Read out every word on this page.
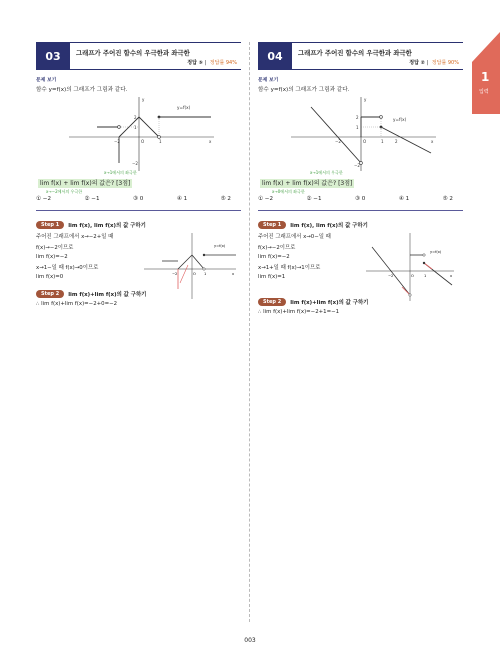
1
입력
03	그래프가 주어진 함수의 우극한과 좌극한
정답 ⑤ | 정답률 94%
문제 보기
함수 y=f(x)의 그래프가 그림과 같다.
−2	O	1	x
y
2
1
−2
y=f(x)
lim f(x) + lim f(x)의 값은? [3점]
x→1에서의 좌극한
x→−2에서의 우극한
① −2	② −1	③ 0	④ 1	⑤ 2
Step 1	lim f(x), lim f(x)의 값 구하기
주어진 그래프에서 x→−2+일 때
f(x)→−2이므로
lim f(x)=−2
x→1−일 때 f(x)→0이므로
lim f(x)=0	−2	O 1	x
y=f(x)
Step 2	lim f(x)+lim f(x)의 값 구하기
∴ lim f(x)+lim f(x)=−2+0=−2
04	그래프가 주어진 함수의 우극한과 좌극한
정답 ② | 정답률 90%
문제 보기
함수 y=f(x)의 그래프가 그림과 같다.
−2	O	1	2	x
y
2
1
−2
y=f(x)
lim f(x) + lim f(x)의 값은? [3점]
x→1에서의 우극한
x→0에서의 좌극한
① −2	② −1	③ 0	④ 1	⑤ 2
Step 1	lim f(x), lim f(x)의 값 구하기
주어진 그래프에서 x→0−일 때
f(x)→−2이므로
lim f(x)=−2
x→1+일 때 f(x)→1이므로
lim f(x)=1	−2	O	1	x
y=f(x)
Step 2	lim f(x)+lim f(x)의 값 구하기
∴ lim f(x)+lim f(x)=−2+1=−1
003
